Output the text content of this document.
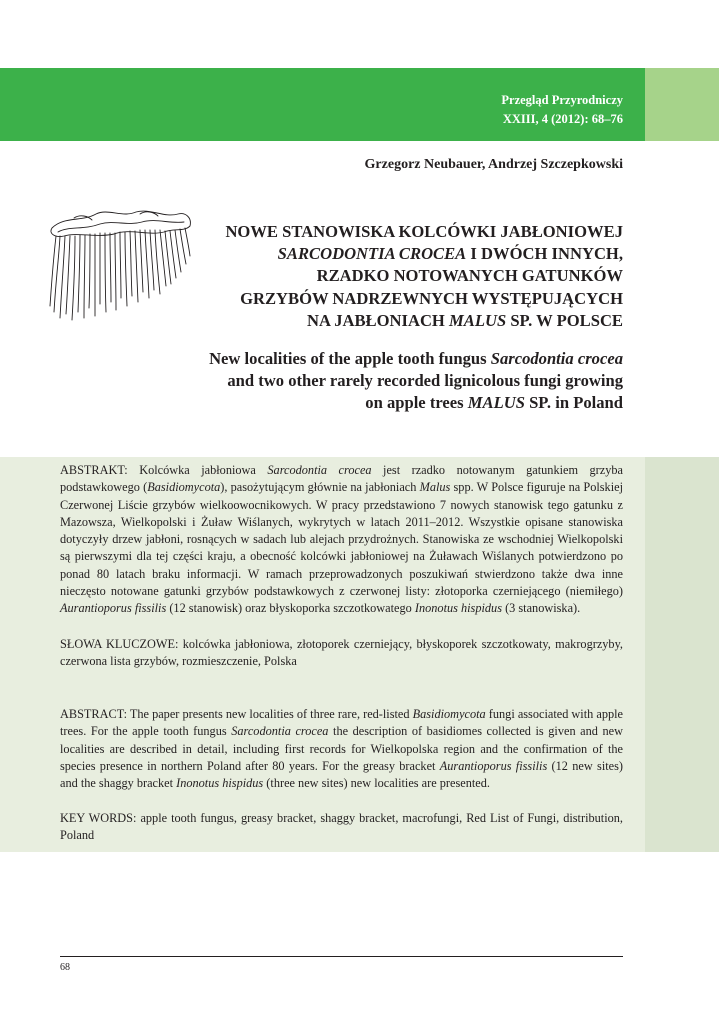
Przegląd Przyrodniczy
XXIII, 4 (2012): 68–76
Grzegorz Neubauer, Andrzej Szczepkowski
NOWE STANOWISKA KOLCÓWKI JABŁONIOWEJ
SARCODONTIA CROCEA I DWÓCH INNYCH,
RZADKO NOTOWANYCH GATUNKÓW
GRZYBÓW NADRZEWNYCH WYSTĘPUJĄCYCH
NA JABŁONIACH MALUS SP. W POLSCE
New localities of the apple tooth fungus Sarcodontia crocea
and two other rarely recorded lignicolous fungi growing
on apple trees MALUS SP. in Poland
ABSTRAKT: Kolcówka jabłoniowa Sarcodontia crocea jest rzadko notowanym gatunkiem grzyba podstawkowego (Basidiomycota), pasożytującym głównie na jabłoniach Malus spp. W Polsce figuruje na Polskiej Czerwonej Liście grzybów wielkoowocnikowych. W pracy przedstawiono 7 nowych stanowisk tego gatunku z Mazowsza, Wielkopolski i Żuław Wiślanych, wykrytych w latach 2011–2012. Wszystkie opisane stanowiska dotyczyły drzew jabłoni, rosnących w sadach lub alejach przydrożnych. Stanowiska ze wschodniej Wielkopolski są pierwszymi dla tej części kraju, a obecność kolcówki jabłoniowej na Żuławach Wiślanych potwierdzono po ponad 80 latach braku informacji. W ramach przeprowadzonych poszukiwań stwierdzono także dwa inne nieczęsto notowane gatunki grzybów podstawkowych z czerwonej listy: złotoporka czerniejącego (niemiłego) Aurantioporus fissilis (12 stanowisk) oraz błyskoporka szczotkowatego Inonotus hispidus (3 stanowiska).
SŁOWA KLUCZOWE: kolcówka jabłoniowa, złotoporek czerniejący, błyskoporek szczotkowaty, makrogrzyby, czerwona lista grzybów, rozmieszczenie, Polska
ABSTRACT: The paper presents new localities of three rare, red-listed Basidiomycota fungi associated with apple trees. For the apple tooth fungus Sarcodontia crocea the description of basidiomes collected is given and new localities are described in detail, including first records for Wielkopolska region and the confirmation of the species presence in northern Poland after 80 years. For the greasy bracket Aurantioporus fissilis (12 new sites) and the shaggy bracket Inonotus hispidus (three new sites) new localities are presented.
KEY WORDS: apple tooth fungus, greasy bracket, shaggy bracket, macrofungi, Red List of Fungi, distribution, Poland
68
